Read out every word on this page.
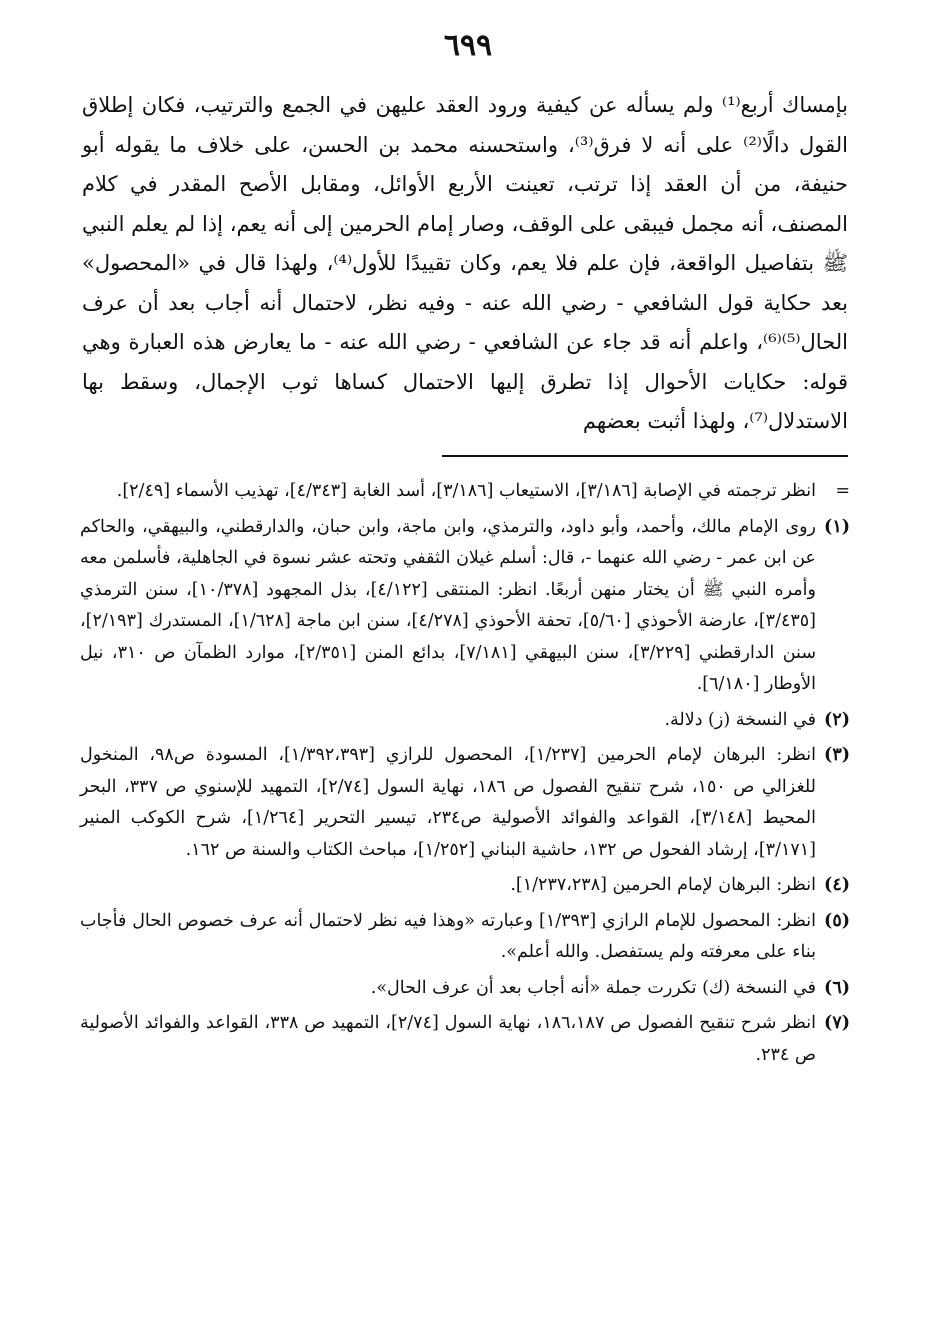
٦٩٩

بإمساك أربع⁽¹⁾ ولم يسأله عن كيفية ورود العقد عليهن في الجمع والترتيب، فكان إطلاق القول دالًا⁽²⁾ على أنه لا فرق⁽³⁾، واستحسنه محمد بن الحسن، على خلاف ما يقوله أبو حنيفة، من أن العقد إذا ترتب، تعينت الأربع الأوائل، ومقابل الأصح المقدر في كلام المصنف، أنه مجمل فيبقى على الوقف، وصار إمام الحرمين إلى أنه يعم، إذا لم يعلم النبي ﷺ بتفاصيل الواقعة، فإن علم فلا يعم، وكان تقييدًا للأول⁽⁴⁾، ولهذا قال في «المحصول» بعد حكاية قول الشافعي - رضي الله عنه - وفيه نظر، لاحتمال أنه أجاب بعد أن عرف الحال⁽⁵⁾⁽⁶⁾، واعلم أنه قد جاء عن الشافعي - رضي الله عنه - ما يعارض هذه العبارة وهي قوله: حكايات الأحوال إذا تطرق إليها الاحتمال كساها ثوب الإجمال، وسقط بها الاستدلال⁽⁷⁾، ولهذا أثبت بعضهم

=
انظر ترجمته في الإصابة [٣/١٨٦]، الاستيعاب [٣/١٨٦]، أسد الغابة [٤/٣٤٣]، تهذيب الأسماء [٢/٤٩].
(١)
روى الإمام مالك، وأحمد، وأبو داود، والترمذي، وابن ماجة، وابن حبان، والدارقطني، والبيهقي، والحاكم عن ابن عمر - رضي الله عنهما -، قال: أسلم غيلان الثقفي وتحته عشر نسوة في الجاهلية، فأسلمن معه وأمره النبي ﷺ أن يختار منهن أربعًا. انظر: المنتقى [٤/١٢٢]، بذل المجهود [١٠/٣٧٨]، سنن الترمذي [٣/٤٣٥]، عارضة الأحوذي [٥/٦٠]، تحفة الأحوذي [٤/٢٧٨]، سنن ابن ماجة [١/٦٢٨]، المستدرك [٢/١٩٣]، سنن الدارقطني [٣/٢٢٩]، سنن البيهقي [٧/١٨١]، بدائع المنن [٢/٣٥١]، موارد الظمآن ص ٣١٠، نيل الأوطار [٦/١٨٠].
(٢)
في النسخة (ز) دلالة.
(٣)
انظر: البرهان لإمام الحرمين [١/٢٣٧]، المحصول للرازي [١/٣٩٢،٣٩٣]، المسودة ص٩٨، المنخول للغزالي ص ١٥٠، شرح تنقيح الفصول ص ١٨٦، نهاية السول [٢/٧٤]، التمهيد للإسنوي ص ٣٣٧، البحر المحيط [٣/١٤٨]، القواعد والفوائد الأصولية ص٢٣٤، تيسير التحرير [١/٢٦٤]، شرح الكوكب المنير [٣/١٧١]، إرشاد الفحول ص ١٣٢، حاشية البناني [١/٢٥٢]، مباحث الكتاب والسنة ص ١٦٢.
(٤)
انظر: البرهان لإمام الحرمين [١/٢٣٧،٢٣٨].
(٥)
انظر: المحصول للإمام الرازي [١/٣٩٣] وعبارته «وهذا فيه نظر لاحتمال أنه عرف خصوص الحال فأجاب بناء على معرفته ولم يستفصل. والله أعلم».
(٦)
في النسخة (ك) تكررت جملة «أنه أجاب بعد أن عرف الحال».
(٧)
انظر شرح تنقيح الفصول ص ١٨٦،١٨٧، نهاية السول [٢/٧٤]، التمهيد ص ٣٣٨، القواعد والفوائد الأصولية ص ٢٣٤.
